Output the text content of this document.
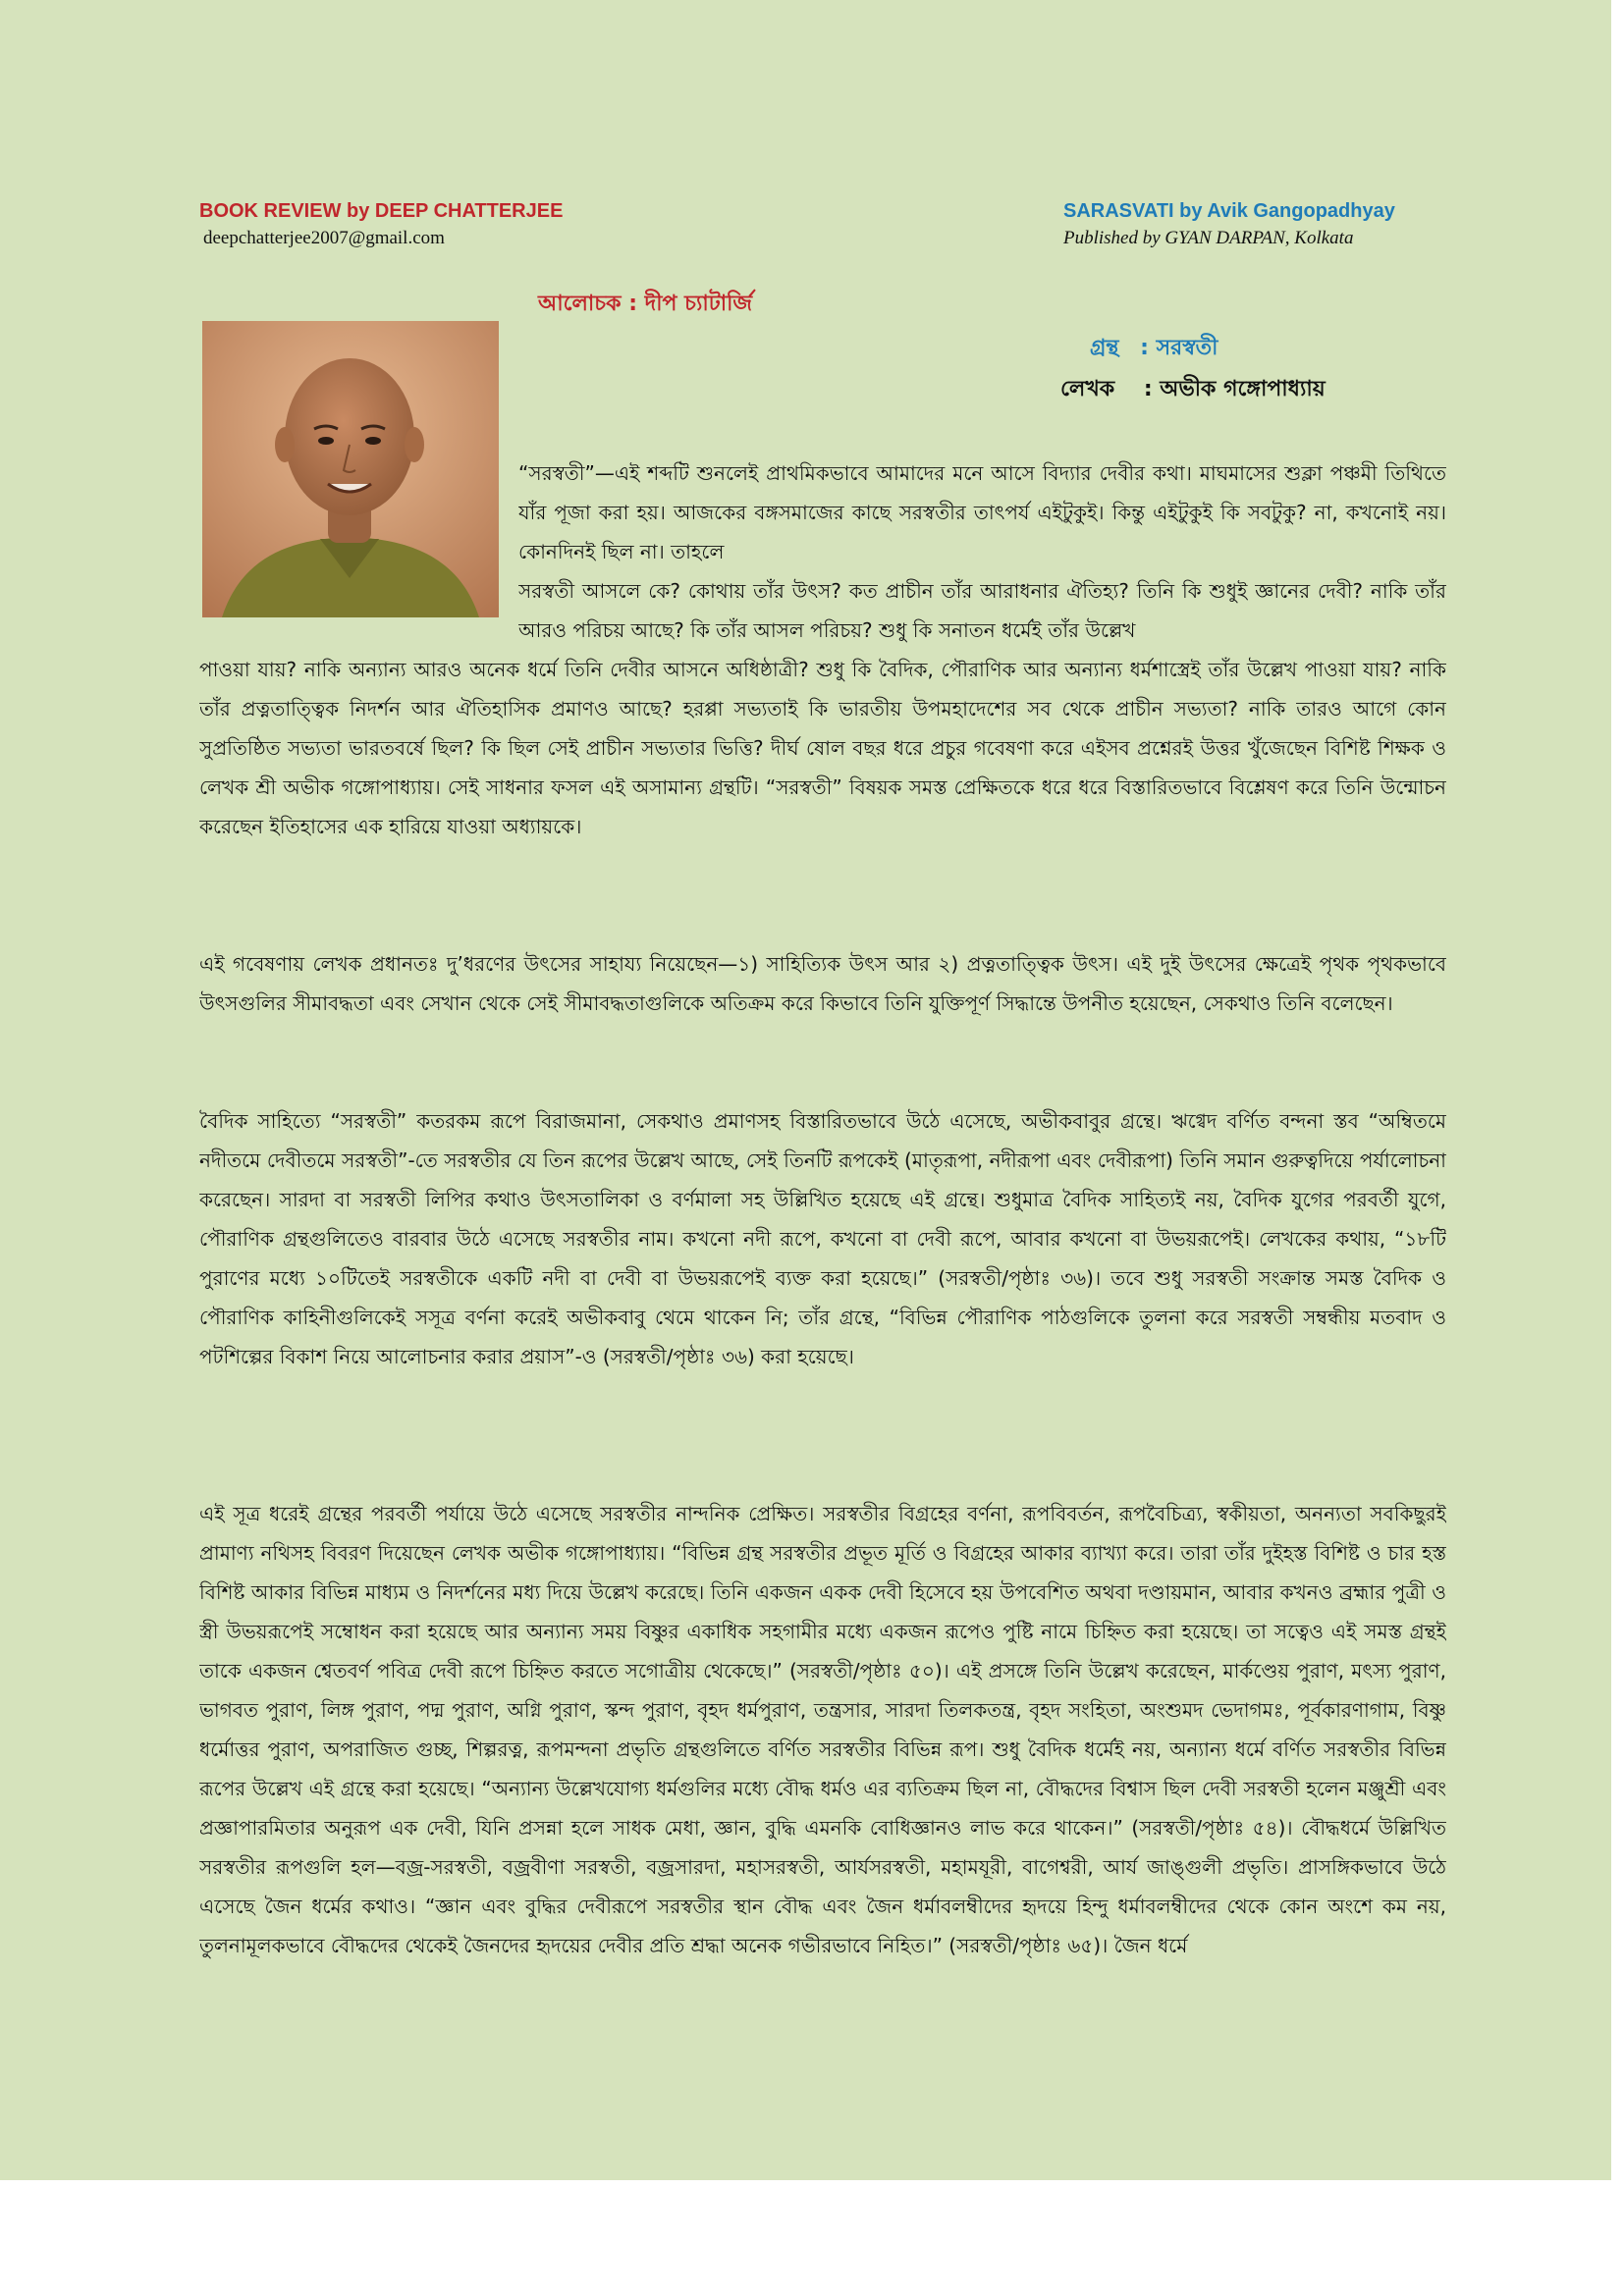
BOOK REVIEW by DEEP CHATTERJEE
deepchatterjee2007@gmail.com
SARASVATI by Avik Gangopadhyay
Published by GYAN DARPAN, Kolkata
আলোচক : দীপ চ্যাটার্জি
গ্রন্থ : সরস্বতী
লেখক : অভীক গঙ্গোপাধ্যায়

“সরস্বতী”—এই শব্দটি শুনলেই প্রাথমিকভাবে আমাদের মনে আসে বিদ্যার দেবীর কথা। মাঘমাসের শুক্লা পঞ্চমী তিথিতে যাঁর পূজা করা হয়। আজকের বঙ্গসমাজের কাছে সরস্বতীর তাৎপর্য এইটুকুই। কিন্তু এইটুকুই কি সবটুকু? না, কখনোই নয়। কোনদিনই ছিল না। তাহলে

সরস্বতী আসলে কে? কোথায় তাঁর উৎস? কত প্রাচীন তাঁর আরাধনার ঐতিহ্য? তিনি কি শুধুই জ্ঞানের দেবী? নাকি তাঁর আরও পরিচয় আছে? কি তাঁর আসল পরিচয়? শুধু কি সনাতন ধর্মেই তাঁর উল্লেখ

পাওয়া যায়? নাকি অন্যান্য আরও অনেক ধর্মে তিনি দেবীর আসনে অধিষ্ঠাত্রী? শুধু কি বৈদিক, পৌরাণিক আর অন্যান্য ধর্মশাস্ত্রেই তাঁর উল্লেখ পাওয়া যায়? নাকি তাঁর প্রত্নতাত্ত্বিক নিদর্শন আর ঐতিহাসিক প্রমাণও আছে? হরপ্পা সভ্যতাই কি ভারতীয় উপমহাদেশের সব থেকে প্রাচীন সভ্যতা? নাকি তারও আগে কোন সুপ্রতিষ্ঠিত সভ্যতা ভারতবর্ষে ছিল? কি ছিল সেই প্রাচীন সভ্যতার ভিত্তি? দীর্ঘ ষোল বছর ধরে প্রচুর গবেষণা করে এইসব প্রশ্নেরই উত্তর খুঁজেছেন বিশিষ্ট শিক্ষক ও লেখক শ্রী অভীক গঙ্গোপাধ্যায়। সেই সাধনার ফসল এই অসামান্য গ্রন্থটি। “সরস্বতী” বিষয়ক সমস্ত প্রেক্ষিতকে ধরে ধরে বিস্তারিতভাবে বিশ্লেষণ করে তিনি উন্মোচন করেছেন ইতিহাসের এক হারিয়ে যাওয়া অধ্যায়কে।

এই গবেষণায় লেখক প্রধানতঃ দু’ধরণের উৎসের সাহায্য নিয়েছেন—১) সাহিত্যিক উৎস আর ২) প্রত্নতাত্ত্বিক উৎস। এই দুই উৎসের ক্ষেত্রেই পৃথক পৃথকভাবে উৎসগুলির সীমাবদ্ধতা এবং সেখান থেকে সেই সীমাবদ্ধতাগুলিকে অতিক্রম করে কিভাবে তিনি যুক্তিপূর্ণ সিদ্ধান্তে উপনীত হয়েছেন, সেকথাও তিনি বলেছেন।

বৈদিক সাহিত্যে “সরস্বতী” কতরকম রূপে বিরাজমানা, সেকথাও প্রমাণসহ বিস্তারিতভাবে উঠে এসেছে, অভীকবাবুর গ্রন্থে। ঋগ্বেদ বর্ণিত বন্দনা স্তব “অম্বিতমে নদীতমে দেবীতমে সরস্বতী”-তে সরস্বতীর যে তিন রূপের উল্লেখ আছে, সেই তিনটি রূপকেই (মাতৃরূপা, নদীরূপা এবং দেবীরূপা) তিনি সমান গুরুত্বদিয়ে পর্যালোচনা করেছেন। সারদা বা সরস্বতী লিপির কথাও উৎসতালিকা ও বর্ণমালা সহ উল্লিখিত হয়েছে এই গ্রন্থে। শুধুমাত্র বৈদিক সাহিত্যই নয়, বৈদিক যুগের পরবর্তী যুগে, পৌরাণিক গ্রন্থগুলিতেও বারবার উঠে এসেছে সরস্বতীর নাম। কখনো নদী রূপে, কখনো বা দেবী রূপে, আবার কখনো বা উভয়রূপেই। লেখকের কথায়, “১৮টি পুরাণের মধ্যে ১০টিতেই সরস্বতীকে একটি নদী বা দেবী বা উভয়রূপেই ব্যক্ত করা হয়েছে।” (সরস্বতী/পৃষ্ঠাঃ ৩৬)। তবে শুধু সরস্বতী সংক্রান্ত সমস্ত বৈদিক ও পৌরাণিক কাহিনীগুলিকেই সসূত্র বর্ণনা করেই অভীকবাবু থেমে থাকেন নি; তাঁর গ্রন্থে, “বিভিন্ন পৌরাণিক পাঠগুলিকে তুলনা করে সরস্বতী সম্বন্ধীয় মতবাদ ও পটশিল্পের বিকাশ নিয়ে আলোচনার করার প্রয়াস”-ও (সরস্বতী/পৃষ্ঠাঃ ৩৬) করা হয়েছে।

এই সূত্র ধরেই গ্রন্থের পরবর্তী পর্যায়ে উঠে এসেছে সরস্বতীর নান্দনিক প্রেক্ষিত। সরস্বতীর বিগ্রহের বর্ণনা, রূপবিবর্তন, রূপবৈচিত্র্য, স্বকীয়তা, অনন্যতা সবকিছুরই প্রামাণ্য নথিসহ বিবরণ দিয়েছেন লেখক অভীক গঙ্গোপাধ্যায়। “বিভিন্ন গ্রন্থ সরস্বতীর প্রভূত মূর্তি ও বিগ্রহের আকার ব্যাখ্যা করে। তারা তাঁর দুইহস্ত বিশিষ্ট ও চার হস্ত বিশিষ্ট আকার বিভিন্ন মাধ্যম ও নিদর্শনের মধ্য দিয়ে উল্লেখ করেছে। তিনি একজন একক দেবী হিসেবে হয় উপবেশিত অথবা দণ্ডায়মান, আবার কখনও ব্রহ্মার পুত্রী ও স্ত্রী উভয়রূপেই সম্বোধন করা হয়েছে আর অন্যান্য সময় বিষ্ণুর একাধিক সহগামীর মধ্যে একজন রূপেও পুষ্টি নামে চিহ্নিত করা হয়েছে। তা সত্বেও এই সমস্ত গ্রন্থই তাকে একজন শ্বেতবর্ণ পবিত্র দেবী রূপে চিহ্নিত করতে সগোত্রীয় থেকেছে।” (সরস্বতী/পৃষ্ঠাঃ ৫০)। এই প্রসঙ্গে তিনি উল্লেখ করেছেন, মার্কণ্ডেয় পুরাণ, মৎস্য পুরাণ, ভাগবত পুরাণ, লিঙ্গ পুরাণ, পদ্ম পুরাণ, অগ্নি পুরাণ, স্কন্দ পুরাণ, বৃহদ ধর্মপুরাণ, তন্ত্রসার, সারদা তিলকতন্ত্র, বৃহদ সংহিতা, অংশুমদ ভেদাগমঃ, পূর্বকারণাগাম, বিষ্ণু ধর্মোত্তর পুরাণ, অপরাজিত গুচ্ছ, শিল্পরত্ন, রূপমন্দনা প্রভৃতি গ্রন্থগুলিতে বর্ণিত সরস্বতীর বিভিন্ন রূপ। শুধু বৈদিক ধর্মেই নয়, অন্যান্য ধর্মে বর্ণিত সরস্বতীর বিভিন্ন রূপের উল্লেখ এই গ্রন্থে করা হয়েছে। “অন্যান্য উল্লেখযোগ্য ধর্মগুলির মধ্যে বৌদ্ধ ধর্মও এর ব্যতিক্রম ছিল না, বৌদ্ধদের বিশ্বাস ছিল দেবী সরস্বতী হলেন মঞ্জুশ্রী এবং প্রজ্ঞাপারমিতার অনুরূপ এক দেবী, যিনি প্রসন্না হলে সাধক মেধা, জ্ঞান, বুদ্ধি এমনকি বোধিজ্ঞানও লাভ করে থাকেন।” (সরস্বতী/পৃষ্ঠাঃ ৫৪)। বৌদ্ধধর্মে উল্লিখিত সরস্বতীর রূপগুলি হল—বজ্র-সরস্বতী, বজ্রবীণা সরস্বতী, বজ্রসারদা, মহাসরস্বতী, আর্যসরস্বতী, মহামযূরী, বাগেশ্বরী, আর্য জাঙ্গুলী প্রভৃতি। প্রাসঙ্গিকভাবে উঠে এসেছে জৈন ধর্মের কথাও। “জ্ঞান এবং বুদ্ধির দেবীরূপে সরস্বতীর স্থান বৌদ্ধ এবং জৈন ধর্মাবলম্বীদের হৃদয়ে হিন্দু ধর্মাবলম্বীদের থেকে কোন অংশে কম নয়, তুলনামূলকভাবে বৌদ্ধদের থেকেই জৈনদের হৃদয়ের দেবীর প্রতি শ্রদ্ধা অনেক গভীরভাবে নিহিত।” (সরস্বতী/পৃষ্ঠাঃ ৬৫)। জৈন ধর্মে
